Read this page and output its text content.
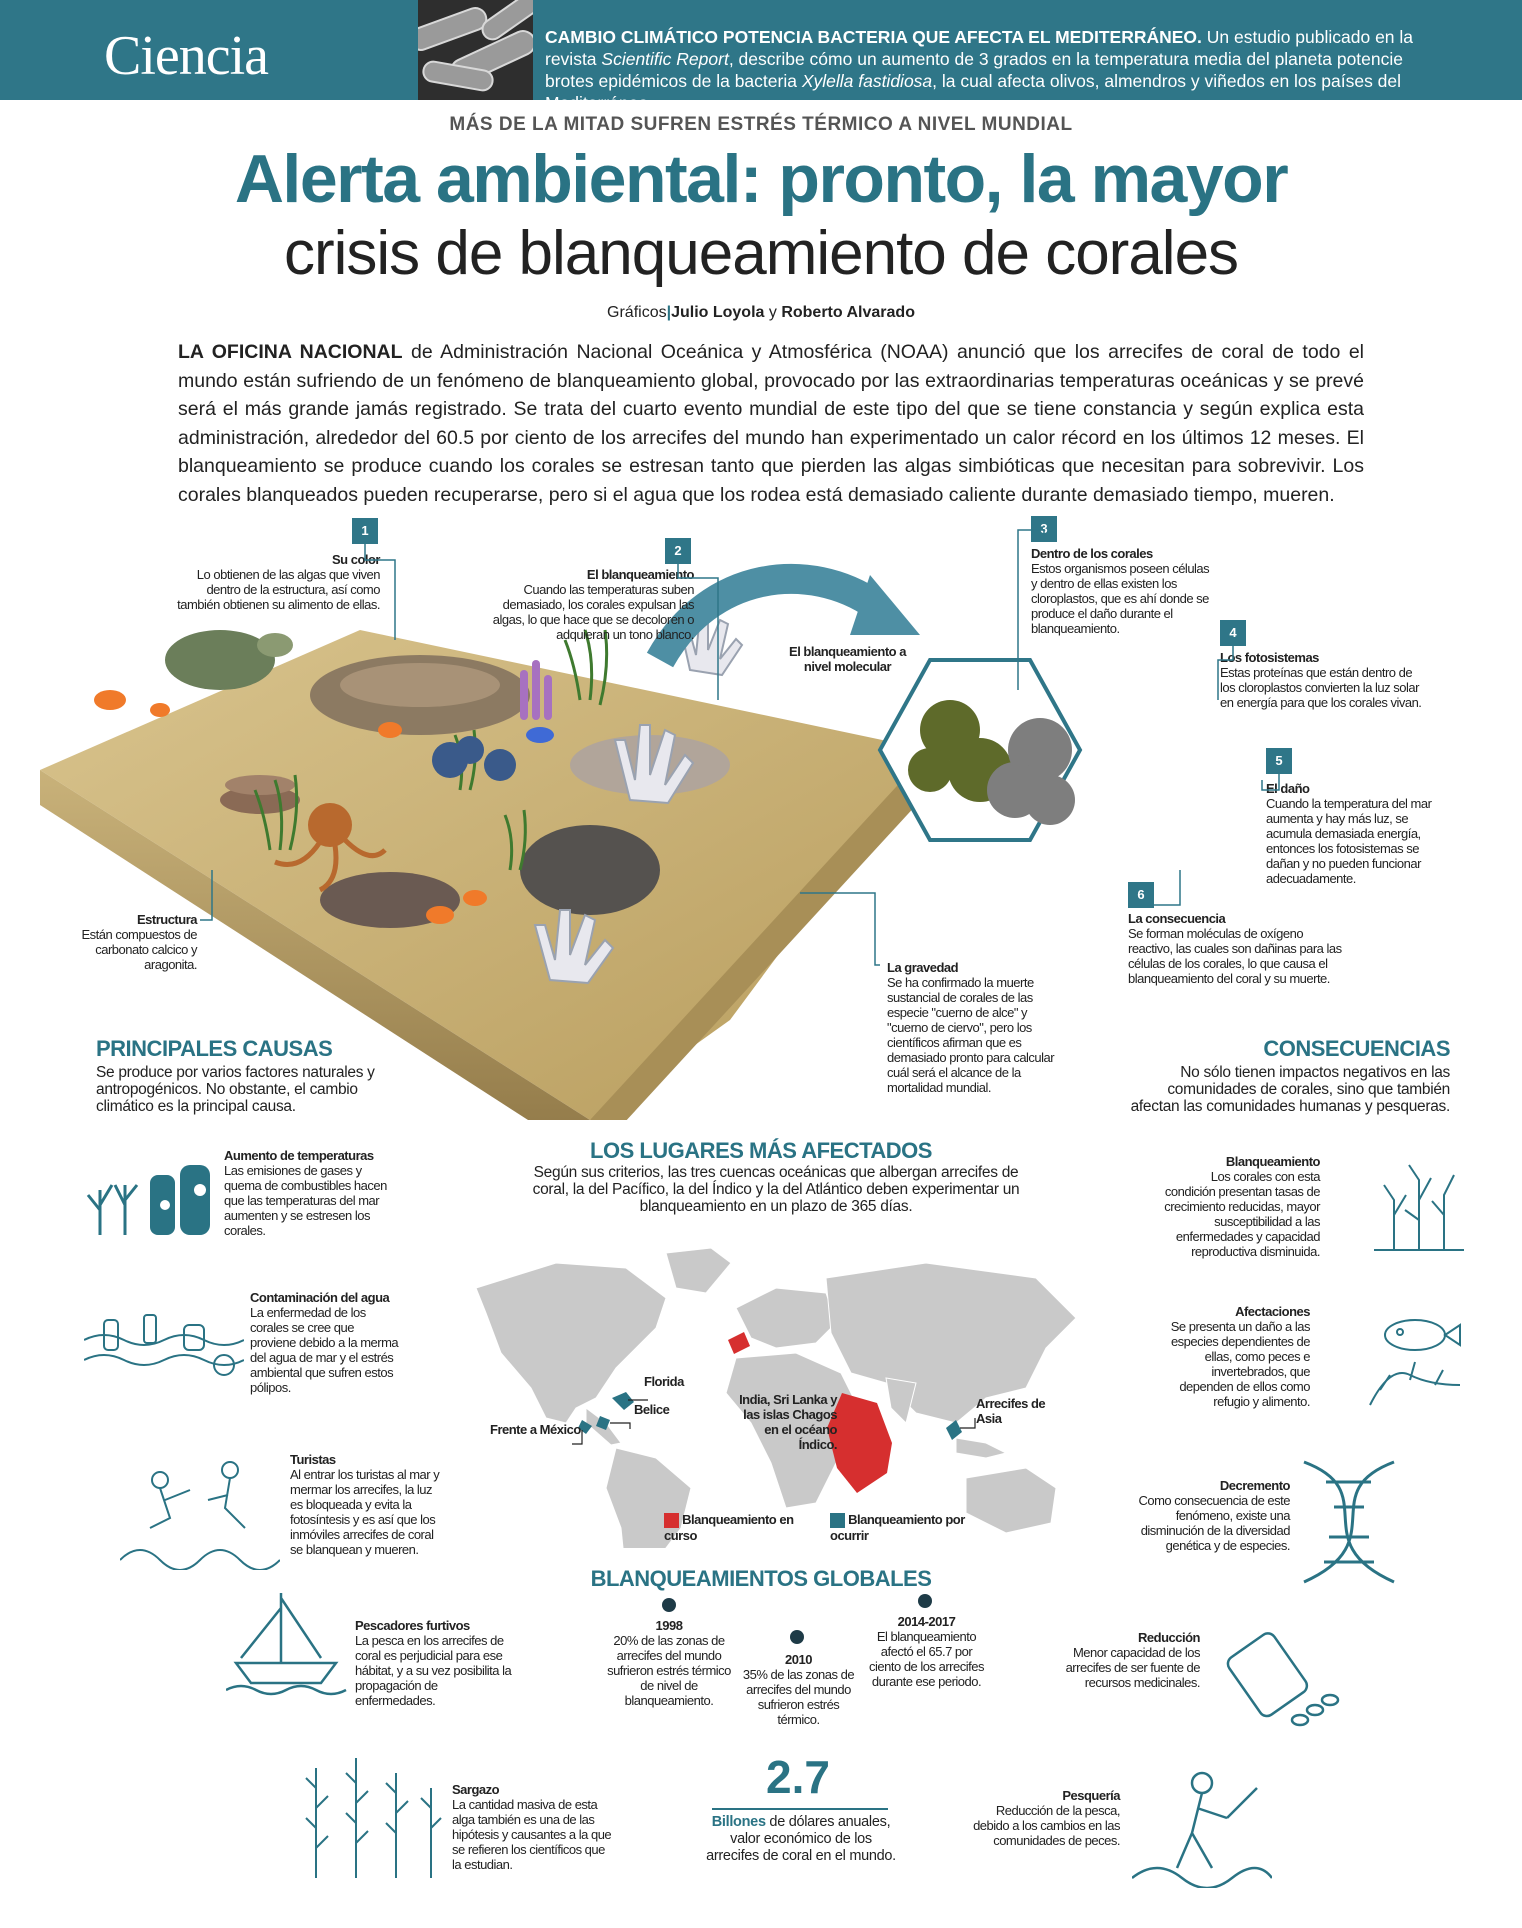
Ciencia	CAMBIO CLIMÁTICO POTENCIA BACTERIA QUE AFECTA EL MEDITERRÁNEO. Un estudio publicado en la revista Scientific Report, describe cómo un aumento de 3 grados en la temperatura media del planeta potencie brotes epidémicos de la bacteria Xylella fastidiosa, la cual afecta olivos, almendros y viñedos en los países del Mediterráneo.
MÁS DE LA MITAD SUFREN ESTRÉS TÉRMICO A NIVEL MUNDIAL
Alerta ambiental: pronto, la mayor
crisis de blanqueamiento de corales
Gráficos|Julio Loyola y Roberto Alvarado
LA OFICINA NACIONAL de Administración Nacional Oceánica y Atmosférica (NOAA) anunció que los arrecifes de coral de todo el mundo están sufriendo de un fenómeno de blanqueamiento global, provocado por las extraordinarias temperaturas oceánicas y se prevé será el más grande jamás registrado. Se trata del cuarto evento mundial de este tipo del que se tiene constancia y según explica esta administración, alrededor del 60.5 por ciento de los arrecifes del mundo han experimentado un calor récord en los últimos 12 meses. El blanqueamiento se produce cuando los corales se estresan tanto que pierden las algas simbióticas que necesitan para sobrevivir. Los corales blanqueados pueden recuperarse, pero si el agua que los rodea está demasiado caliente durante demasiado tiempo, mueren.
1
Su color
Lo obtienen de las algas que viven dentro de la estructura, así como también obtienen su alimento de ellas.
2
El blanqueamiento
Cuando las temperaturas suben demasiado, los corales expulsan las algas, lo que hace que se decoloren o adquieran un tono blanco.
El blanqueamiento a nivel molecular
3
Dentro de los corales
Estos organismos poseen células y dentro de ellas existen los cloroplastos, que es ahí donde se produce el daño durante el blanqueamiento.	4
Los fotosistemas
Estas proteínas que están dentro de los cloroplastos convierten la luz solar en energía para que los corales vivan.
5
El daño
Cuando la temperatura del mar aumenta y hay más luz, se acumula demasiada energía, entonces los fotosistemas se dañan y no pueden funcionar adecuadamente.
6
La consecuencia
Se forman moléculas de oxígeno reactivo, las cuales son dañinas para las células de los corales, lo que causa el blanqueamiento del coral y su muerte.
Estructura
Están compuestos de carbonato calcico y aragonita.	La gravedad
Se ha confirmado la muerte sustancial de corales de las especie "cuerno de alce" y "cuerno de ciervo", pero los científicos afirman que es demasiado pronto para calcular cuál será el alcance de la mortalidad mundial.
PRINCIPALES CAUSAS
Se produce por varios factores naturales y antropogénicos. No obstante, el cambio climático es la principal causa.
Aumento de temperaturas
Las emisiones de gases y quema de combustibles hacen que las temperaturas del mar aumenten y se estresen los corales.
Contaminación del agua
La enfermedad de los corales se cree que proviene debido a la merma del agua de mar y el estrés ambiental que sufren estos pólipos.
Turistas
Al entrar los turistas al mar y mermar los arrecifes, la luz es bloqueada y evita la fotosíntesis y es así que los inmóviles arrecifes de coral se blanquean y mueren.
Pescadores furtivos
La pesca en los arrecifes de coral es perjudicial para ese hábitat, y a su vez posibilita la propagación de enfermedades.
Sargazo
La cantidad masiva de esta alga también es una de las hipótesis y causantes a la que se refieren los científicos que la estudian.
CONSECUENCIAS
No sólo tienen impactos negativos en las comunidades de corales, sino que también afectan las comunidades humanas y pesqueras.
Blanqueamiento
Los corales con esta condición presentan tasas de crecimiento reducidas, mayor susceptibilidad a las enfermedades y capacidad reproductiva disminuida.
Afectaciones
Se presenta un daño a las especies dependientes de ellas, como peces e invertebrados, que dependen de ellos como refugio y alimento.
Decremento
Como consecuencia de este fenómeno, existe una disminución de la diversidad genética y de especies.
Reducción
Menor capacidad de los arrecifes de ser fuente de recursos medicinales.
Pesquería
Reducción de la pesca, debido a los cambios en las comunidades de peces.
LOS LUGARES MÁS AFECTADOS
Según sus criterios, las tres cuencas oceánicas que albergan arrecifes de coral, la del Pacífico, la del Índico y la del Atlántico deben experimentar un blanqueamiento en un plazo de 365 días.
Florida
Belice
Frente a México
India, Sri Lanka y las islas Chagos en el océano Índico.
Arrecifes de Asia
Blanqueamiento en curso
Blanqueamiento por ocurrir
BLANQUEAMIENTOS GLOBALES
1998
20% de las zonas de arrecifes del mundo sufrieron estrés térmico de nivel de blanqueamiento.
2010
35% de las zonas de arrecifes del mundo sufrieron estrés térmico.
2014-2017
El blanqueamiento afectó el 65.7 por ciento de los arrecifes durante ese periodo.
2.7
Billones de dólares anuales, valor económico de los arrecifes de coral en el mundo.
